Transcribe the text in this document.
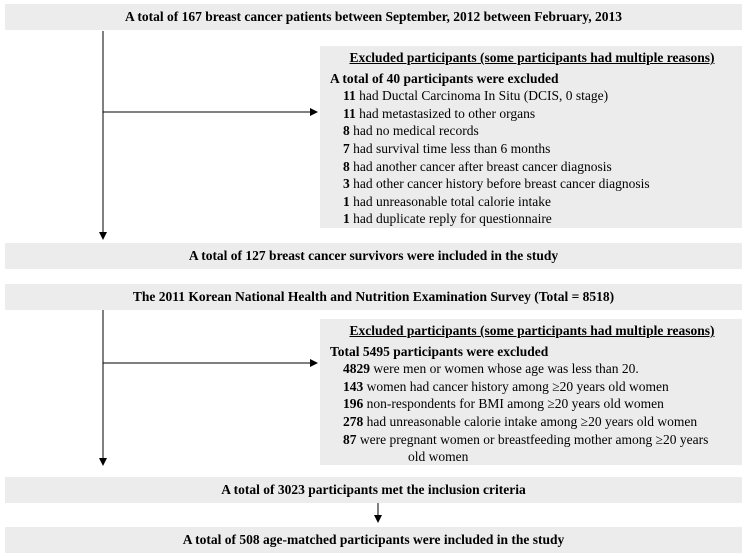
A total of 167 breast cancer patients between September, 2012 between February, 2013
Excluded participants (some participants had multiple reasons)
A total of 40 participants were excluded
11 had Ductal Carcinoma In Situ (DCIS, 0 stage)
11 had metastasized to other organs
8 had no medical records
7 had survival time less than 6 months
8 had another cancer after breast cancer diagnosis
3 had other cancer history before breast cancer diagnosis
1 had unreasonable total calorie intake
1 had duplicate reply for questionnaire
A total of 127 breast cancer survivors were included in the study
The 2011 Korean National Health and Nutrition Examination Survey (Total = 8518)
Excluded participants (some participants had multiple reasons)
Total 5495 participants were excluded
4829 were men or women whose age was less than 20.
143 women had cancer history among ≥20 years old women
196 non-respondents for BMI among ≥20 years old women
278 had unreasonable calorie intake among ≥20 years old women
87 were pregnant women or breastfeeding mother among ≥20 years
old women
A total of 3023 participants met the inclusion criteria
A total of 508 age-matched participants were included in the study
